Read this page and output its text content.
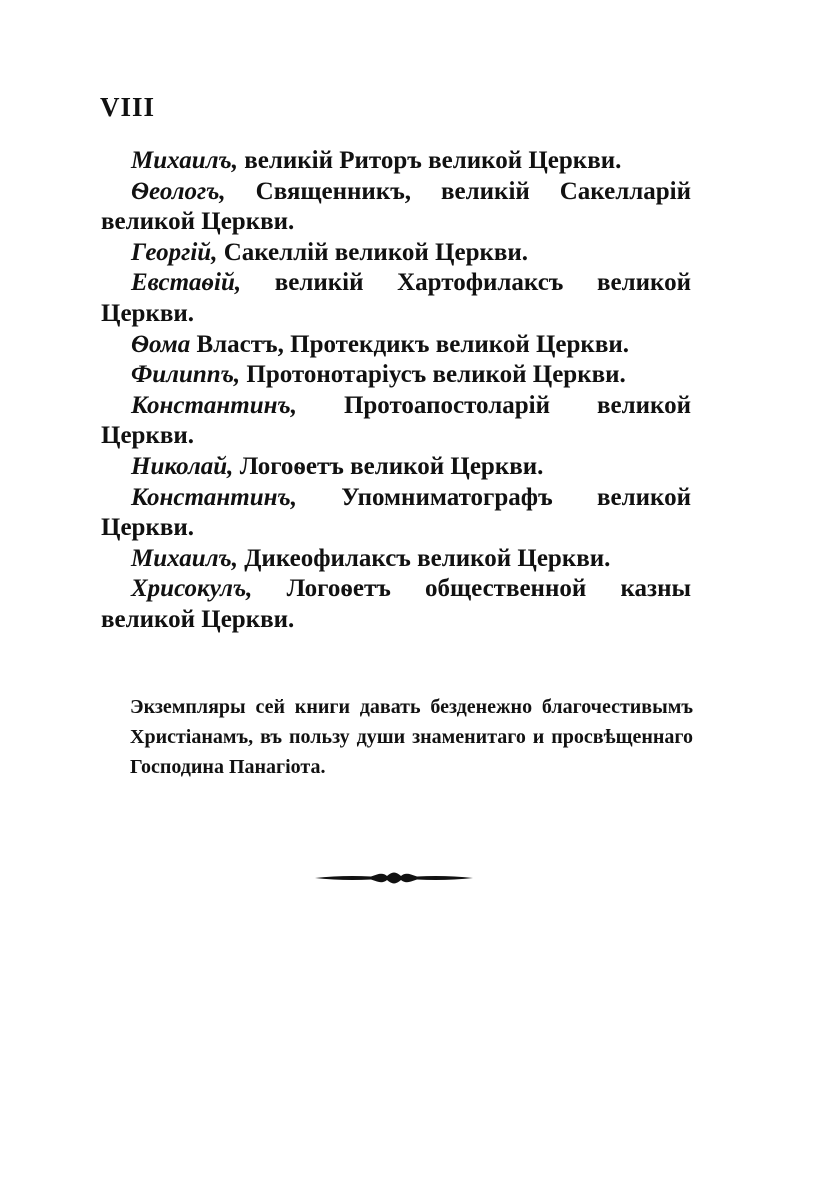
VIII

Михаилъ, великій Риторъ великой Церкви.

Ѳеологъ, Священникъ, великій Сакелларій великой Церкви.

Георгій, Сакеллій великой Церкви.

Евстаѳій, великій Хартофилаксъ великой Церкви.

Ѳома Властъ, Протекдикъ великой Церкви.

Филиппъ, Протонотаріусъ великой Церкви.

Константинъ, Протоапостоларій великой Церкви.

Николай, Логоѳетъ великой Церкви.

Константинъ, Упомниматографъ великой Церкви.

Михаилъ, Дикеофилаксъ великой Церкви.

Хрисокулъ, Логоѳетъ общественной казны великой Церкви.

Экземпляры сей книги давать безденежно благочестивымъ Христіанамъ, въ пользу души знаменитаго и просвѣщеннаго Господина Панагіота.
